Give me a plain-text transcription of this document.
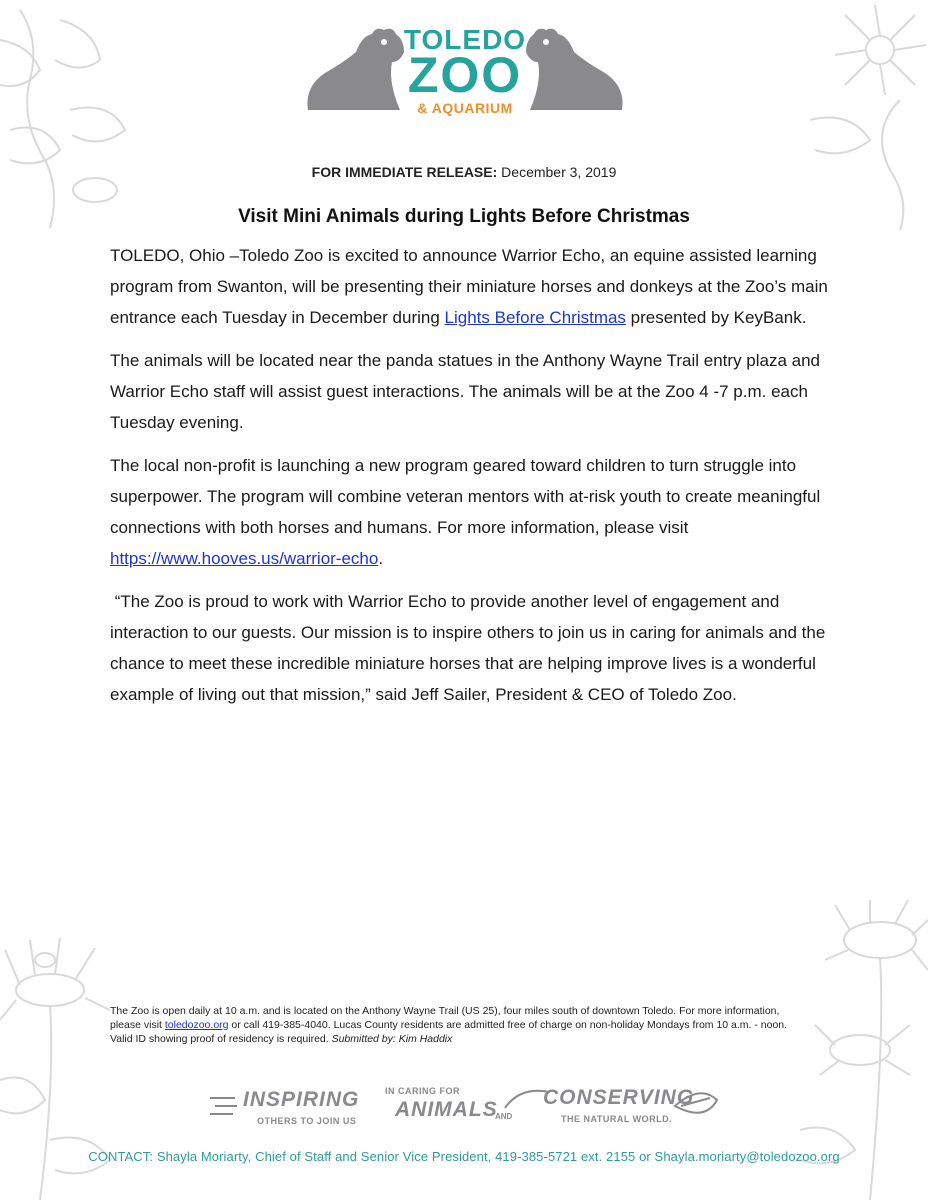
TOLEDO
ZOO
& AQUARIUM
FOR IMMEDIATE RELEASE: December 3, 2019
Visit Mini Animals during Lights Before Christmas

TOLEDO, Ohio –Toledo Zoo is excited to announce Warrior Echo, an equine assisted learning program from Swanton, will be presenting their miniature horses and donkeys at the Zoo’s main entrance each Tuesday in December during Lights Before Christmas presented by KeyBank.

The animals will be located near the panda statues in the Anthony Wayne Trail entry plaza and Warrior Echo staff will assist guest interactions. The animals will be at the Zoo 4 -7 p.m. each Tuesday evening.

The local non-profit is launching a new program geared toward children to turn struggle into superpower. The program will combine veteran mentors with at-risk youth to create meaningful connections with both horses and humans. For more information, please visit https://www.hooves.us/warrior-echo.

“The Zoo is proud to work with Warrior Echo to provide another level of engagement and interaction to our guests. Our mission is to inspire others to join us in caring for animals and the chance to meet these incredible miniature horses that are helping improve lives is a wonderful example of living out that mission,” said Jeff Sailer, President & CEO of Toledo Zoo.

The Zoo is open daily at 10 a.m. and is located on the Anthony Wayne Trail (US 25), four miles south of downtown Toledo. For more information, please visit toledozoo.org or call 419-385-4040. Lucas County residents are admitted free of charge on non-holiday Mondays from 10 a.m. - noon. Valid ID showing proof of residency is required. Submitted by: Kim Haddix
INSPIRING
OTHERS TO JOIN US
IN CARING FOR
ANIMALS
AND
CONSERVING
THE NATURAL WORLD.
CONTACT: Shayla Moriarty, Chief of Staff and Senior Vice President, 419-385-5721 ext. 2155 or Shayla.moriarty@toledozoo.org
